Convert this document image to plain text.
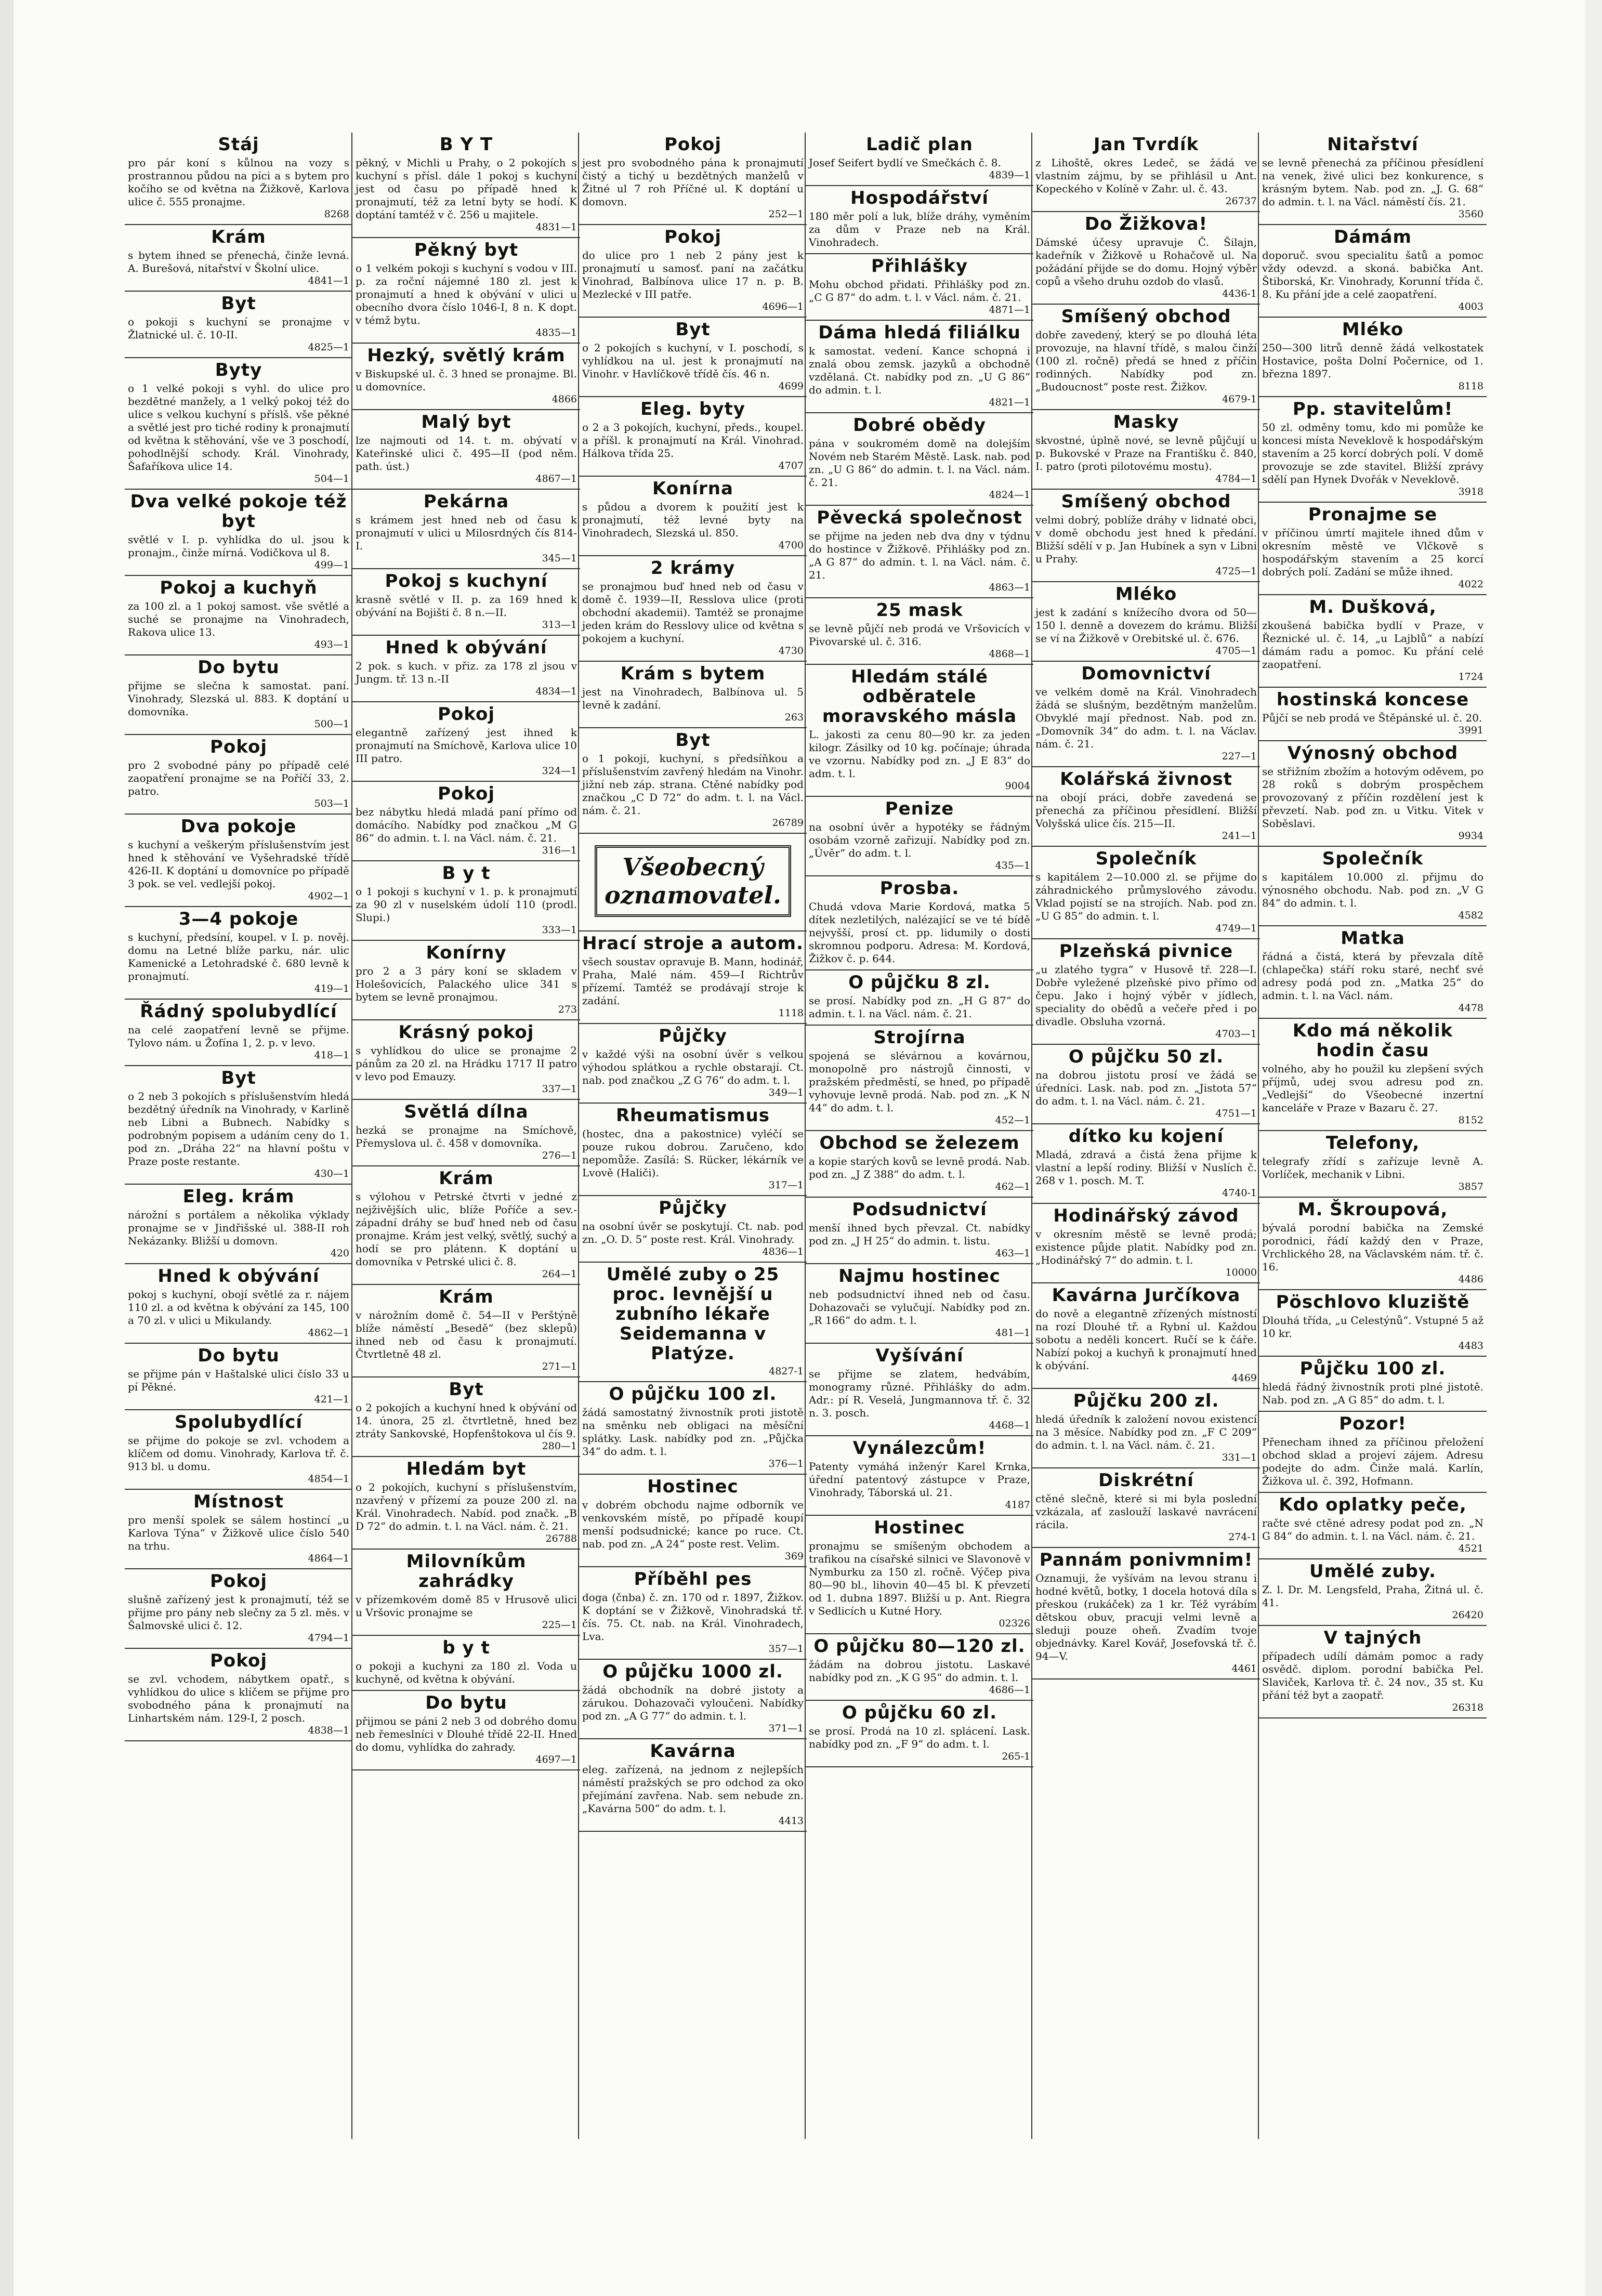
Stáj

pro pár koní s kůlnou na vozy s prostrannou půdou na píci a s bytem pro kočího se od května na Žižkově, Karlova ulice č. 555 pronajme.

8268
Krám

s bytem ihned se přenechá, činže levná. A. Burešová, nitařství v Školní ulice.

4841—1
Byt

o pokoji s kuchyní se pronajme v Žlatnické ul. č. 10-II.

4825—1
Byty

o 1 velké pokoji s vyhl. do ulice pro bezdětné manžely, a 1 velký pokoj též do ulice s velkou kuchyní s příslš. vše pěkné a světlé jest pro tiché rodiny k pronajmutí od května k stěhování, vše ve 3 poschodí, pohodlnější schody. Král. Vinohrady, Šafaříkova ulice 14.

504—1
Dva velké pokoje též byt

světlé v I. p. vyhlídka do ul. jsou k pronajm., činže mírná. Vodičkova ul 8.

499—1
Pokoj a kuchyň

za 100 zl. a 1 pokoj samost. vše světlé a suché se pronajme na Vinohradech, Rakova ulice 13.

493—1
Do bytu

přijme se slečna k samostat. paní. Vinohrady, Slezská ul. 883. K doptání u domovníka.

500—1
Pokoj

pro 2 svobodné pány po případě celé zaopatření pronajme se na Poříčí 33, 2. patro.

503—1
Dva pokoje

s kuchyní a veškerým příslušenstvím jest hned k stěhování ve Vyšehradské třídě 426-II. K doptání u domovníce po případě 3 pok. se vel. vedlejší pokoj.

4902—1
3—4 pokoje

s kuchyní, předsíní, koupel. v I. p. nověj. domu na Letné blíže parku, nár. ulic Kamenické a Letohradské č. 680 levně k pronajmutí.

419—1
Řádný spolubydlící

na celé zaopatření levně se přijme. Tylovo nám. u Žofína 1, 2. p. v levo.

418—1
Byt

o 2 neb 3 pokojích s příslušenstvím hledá bezdětný úředník na Vinohrady, v Karlině neb Libni a Bubnech. Nabídky s podrobným popisem a udáním ceny do 1. pod zn. „Dráha 22“ na hlavní poštu v Praze poste restante.

430—1
Eleg. krám

nárožní s portálem a několika výklady pronajme se v Jindřišské ul. 388-II roh Nekázanky. Bližší u domovn.

420
Hned k obývání

pokoj s kuchyní, obojí světlé za r. nájem 110 zl. a od května k obývání za 145, 100 a 70 zl. v ulici u Mikulandy.

4862—1
Do bytu

se přijme pán v Haštalské ulici číslo 33 u pí Pěkné.

421—1
Spolubydlící

se přijme do pokoje se zvl. vchodem a klíčem od domu. Vinohrady, Karlova tř. č. 913 bl. u domu.

4854—1
Místnost

pro menší spolek se sálem hostincí „u Karlova Týna“ v Žižkově ulice číslo 540 na trhu.

4864—1
Pokoj

slušně zařízený jest k pronajmutí, též se přijme pro pány neb slečny za 5 zl. měs. v Šalmovské ulici č. 12.

4794—1
Pokoj

se zvl. vchodem, nábytkem opatř., s vyhlídkou do ulice s klíčem se přijme pro svobodného pána k pronajmutí na Linhartském nám. 129-I, 2 posch.

4838—1
B Y T

pěkný, v Michli u Prahy, o 2 pokojích s kuchyní s přísl. dále 1 pokoj s kuchyní jest od času po případě hned k pronajmutí, též za letní byty se hodí. K doptání tamtéž v č. 256 u majitele.

4831—1
Pěkný byt

o 1 velkém pokoji s kuchyní s vodou v III. p. za roční nájemné 180 zl. jest k pronajmutí a hned k obývání v ulici u obecního dvora číslo 1046-I, 8 n. K dopt. v témž bytu.

4835—1
Hezký, světlý krám

v Biskupské ul. č. 3 hned se pronajme. Bl. u domovníce.

4866
Malý byt

lze najmouti od 14. t. m. obývatí v Kateřinské ulici č. 495—II (pod něm. path. úst.)

4867—1
Pekárna

s krámem jest hned neb od času k pronajmutí v ulici u Milosrdných čís 814-I.

345—1
Pokoj s kuchyní

krasně světlé v II. p. za 169 hned k obývání na Bojišti č. 8 n.—II.

313—1
Hned k obývání

2 pok. s kuch. v přiz. za 178 zl jsou v Jungm. tř. 13 n.-II

4834—1
Pokoj

elegantně zařízený jest ihned k pronajmutí na Smíchově, Karlova ulice 10 III patro.

324—1
Pokoj

bez nábytku hledá mladá paní přímo od domácího. Nabídky pod značkou „M G 86“ do admin. t. l. na Václ. nám. č. 21.

316—1
B y t

o 1 pokoji s kuchyní v 1. p. k pronajmutí za 90 zl v nuselském údolí 110 (prodl. Slupi.)

333—1
Konírny

pro 2 a 3 páry koní se skladem v Holešovicích, Palackého ulice 341 s bytem se levně pronajmou.

273
Krásný pokoj

s vyhlídkou do ulice se pronajme 2 pánům za 20 zl. na Hrádku 1717 II patro v levo pod Emauzy.

337—1
Světlá dílna

hezká se pronajme na Smíchově, Přemyslova ul. č. 458 v domovníka.

276—1
Krám

s výlohou v Petrské čtvrti v jedné z nejživějších ulic, blíže Poříče a sev.-západní dráhy se buď hned neb od času pronajme. Krám jest velký, světlý, suchý a hodí se pro plátenn. K doptání u domovníka v Petrské ulici č. 8.

264—1
Krám

v nárožním domě č. 54—II v Perštýně blíže náměstí „Besedě“ (bez sklepů) ihned neb od času k pronajmutí. Čtvrtletně 48 zl.

271—1
Byt

o 2 pokojích a kuchyní hned k obývání od 14. února, 25 zl. čtvrtletně, hned bez ztráty Sankovské, Hopfenštokova ul čís 9.

280—1
Hledám byt

o 2 pokojích, kuchyní s příslušenstvím, nzavřený v přízemí za pouze 200 zl. na Král. Vinohradech. Nabíd. pod značk. „B D 72“ do admin. t. l. na Václ. nám. č. 21.

26788
Milovníkům zahrádky

v přízemkovém domě 85 v Hrusově ulici u Vršovic pronajme se

225—1
b y t

o pokoji a kuchyni za 180 zl. Voda u kuchyně, od května k obývání.

Do bytu

přijmou se páni 2 neb 3 od dobrého domu neb řemeslníci v Dlouhé třídě 22-II. Hned do domu, vyhlídka do zahrady.

4697—1
Pokoj

jest pro svobodného pána k pronajmutí čistý a tichý u bezdětných manželů v Žitné ul 7 roh Příčné ul. K doptání u domovn.

252—1
Pokoj

do ulice pro 1 neb 2 pány jest k pronajmutí u samosť. paní na začátku Vinohrad, Balbínova ulice 17 n. p. B. Mezlecké v III patře.

4696—1
Byt

o 2 pokojích s kuchyní, v I. poschodí, s vyhlídkou na ul. jest k pronajmutí na Vinohr. v Havlíčkově třídě čís. 46 n.

4699
Eleg. byty

o 2 a 3 pokojích, kuchyní, předs., koupel. a příšl. k pronajmutí na Král. Vinohrad. Hálkova třída 25.

4707
Konírna

s půdou a dvorem k použití jest k pronajmutí, též levné byty na Vinohradech, Slezská ul. 850.

4700
2 krámy

se pronajmou buď hned neb od času v domě č. 1939—II, Resslova ulice (proti obchodní akademii). Tamtéž se pronajme jeden krám do Resslovy ulice od května s pokojem a kuchyní.

4730
Krám s bytem

jest na Vinohradech, Balbínova ul. 5 levně k zadání.

263
Byt

o 1 pokoji, kuchyní, s předsíňkou a příslušenstvím zavřený hledám na Vinohr. jižní neb záp. strana. Ctěné nabídky pod značkou „C D 72“ do adm. t. l. na Václ. nám. č. 21.

26789
Všeobecný oznamovatel.
Hrací stroje a autom.

všech soustav opravuje B. Mann, hodinář, Praha, Malé nám. 459—I Richtrův přízemí. Tamtéž se prodávají stroje k zadání.

1118
Půjčky

v každé výši na osobní úvěr s velkou výhodou splátkou a rychle obstarají. Ct. nab. pod značkou „Z G 76“ do adm. t. l.

349—1
Rheumatismus

(hostec, dna a pakostnice) vyléčí se pouze rukou dobrou. Zaručeno, kdo nepomůže. Zasílá: S. Rücker, lékárník ve Lvově (Haliči).

317—1
Půjčky

na osobní úvěr se poskytují. Ct. nab. pod zn. „O. D. 5“ poste rest. Král. Vinohrady.

4836—1
Umělé zuby o 25 proc. levnější u zubního lékaře Seidemanna v Platýze.

4827-1
O půjčku 100 zl.

žádá samostatný živnostník proti jistotě na směnku neb obligaci na měsíční splátky. Lask. nabídky pod zn. „Půjčka 34“ do adm. t. l.

376—1
Hostinec

v dobrém obchodu najme odborník ve venkovském místě, po případě koupí menší podsudnické; kance po ruce. Ct. nab. pod zn. „A 24“ poste rest. Velim.

369
Příběhl pes

doga (čnba) č. zn. 170 od r. 1897, Žižkov. K doptání se v Žižkově, Vinohradská tř. čís. 75. Ct. nab. na Král. Vinohradech, Lva.

357—1
O půjčku 1000 zl.

žádá obchodník na dobré jistoty a zárukou. Dohazovači vyloučeni. Nabídky pod zn. „A G 77“ do admin. t. l.

371—1
Kavárna

eleg. zařízená, na jednom z nejlepších náměstí pražských se pro odchod za oko přejímání zavřena. Nab. sem nebude zn. „Kavárna 500“ do adm. t. l.

4413
Ladič plan

Josef Seifert bydlí ve Smečkách č. 8.

4839—1
Hospodářství

180 měr polí a luk, blíže dráhy, vyměním za dům v Praze neb na Král. Vinohradech.

Přihlášky

Mohu obchod přidati. Přihlášky pod zn. „C G 87“ do adm. t. l. v Václ. nám. č. 21.

4871—1
Dáma hledá filiálku

k samostat. vedení. Kance schopná i znalá obou zemsk. jazyků a obchodně vzdělaná. Ct. nabídky pod zn. „U G 86“ do admin. t. l.

4821—1
Dobré obědy

pána v soukromém domě na dolejším Novém neb Starém Městě. Lask. nab. pod zn. „U G 86“ do admin. t. l. na Václ. nám. č. 21.

4824—1
Pěvecká společnost

se přijme na jeden neb dva dny v týdnu do hostince v Žižkově. Přihlášky pod zn. „A G 87“ do admin. t. l. na Václ. nám. č. 21.

4863—1
25 mask

se levně půjčí neb prodá ve Vršovicích v Pivovarské ul. č. 316.

4868—1
Hledám stálé odběratele moravského másla

L. jakosti za cenu 80—90 kr. za jeden kilogr. Zásilky od 10 kg. počínaje; úhrada ve vzornu. Nabídky pod zn. „J E 83“ do adm. t. l.

9004
Penize

na osobní úvěr a hypotéky se řádným osobám vzorně zařizují. Nabídky pod zn. „Úvěr“ do adm. t. l.

435—1
Prosba.

Chudá vdova Marie Kordová, matka 5 dítek nezletilých, nalézající se ve té bídě nejvyšší, prosí ct. pp. lidumily o dosti skromnou podporu. Adresa: M. Kordová, Žižkov č. p. 644.

O půjčku 8 zl.

se prosí. Nabídky pod zn. „H G 87“ do admin. t. l. na Václ. nám. č. 21.

Strojírna

spojená se slévárnou a kovárnou, monopolně pro nástrojů činnosti, v pražském předměstí, se hned, po případě vyhovuje levně prodá. Nab. pod zn. „K N 44“ do adm. t. l.

452—1
Obchod se železem

a kopie starých kovů se levně prodá. Nab. pod zn. „J Z 388“ do adm. t. l.

462—1
Podsudnictví

menší ihned bych převzal. Ct. nabídky pod zn. „J H 25“ do admin. t. listu.

463—1
Najmu hostinec

neb podsudnictví ihned neb od času. Dohazovači se vylučují. Nabídky pod zn. „R 166“ do adm. t. l.

481—1
Vyšívání

se přijme se zlatem, hedvábím, monogramy různé. Přihlášky do adm. Adr.: pí R. Veselá, Jungmannova tř. č. 32 n. 3. posch.

4468—1
Vynálezcům!

Patenty vymáhá inženýr Karel Krnka, úřední patentový zástupce v Praze, Vinohrady, Táborská ul. 21.

4187
Hostinec

pronajmu se smíšeným obchodem a trafikou na císařské silnici ve Slavonově v Nymburku za 150 zl. ročně. Výčep piva 80—90 bl., lihovin 40—45 bl. K převzetí od 1. dubna 1897. Bližší u p. Ant. Riegra v Sedlicích u Kutné Hory.

02326
O půjčku 80—120 zl.

žádám na dobrou jistotu. Laskavé nabídky pod zn. „K G 95“ do admin. t. l.

4686—1
O půjčku 60 zl.

se prosí. Prodá na 10 zl. splácení. Lask. nabídky pod zn. „F 9“ do adm. t. l.

265-1
Jan Tvrdík

z Lihoště, okres Ledeč, se žádá ve vlastním zájmu, by se přihlásil u Ant. Kopeckého v Kolíně v Zahr. ul. č. 43.

26737
Do Žižkova!

Dámské účesy upravuje Č. Šilajn, kadeřník v Žižkově u Rohačově ul. Na požádání přijde se do domu. Hojný výběr copů a všeho druhu ozdob do vlasů.

4436-1
Smíšený obchod

dobře zavedený, který se po dlouhá léta provozuje, na hlavní třídě, s malou činží (100 zl. ročně) předá se hned z příčin rodinných. Nabídky pod zn. „Budoucnost“ poste rest. Žižkov.

4679-1
Masky

skvostné, úplně nové, se levně půjčují u p. Bukovské v Praze na Františku č. 840, I. patro (proti pilotovému mostu).

4784—1
Smíšený obchod

velmi dobrý, poblíže dráhy v lidnaté obci, v domě obchodu jest hned k předání. Bližší sdělí v p. Jan Hubínek a syn v Libni u Prahy.

4725—1
Mléko

jest k zadání s knížecího dvora od 50—150 l. denně a dovezem do krámu. Bližší se ví na Žižkově v Orebitské ul. č. 676.

4705—1
Domovnictví

ve velkém domě na Král. Vinohradech žádá se slušným, bezdětným manželům. Obvyklé mají přednost. Nab. pod zn. „Domovník 34“ do adm. t. l. na Václav. nám. č. 21.

227—1
Kolářská živnost

na obojí práci, dobře zavedená se přenechá za příčinou přesídlení. Bližší Volyšská ulice čís. 215—II.

241—1
Společník

s kapitálem 2—10.000 zl. se přijme do záhradnického průmyslového závodu. Vklad pojistí se na strojích. Nab. pod zn. „U G 85“ do admin. t. l.

4749—1
Plzeňská pivnice

„u zlatého tygra“ v Husově tř. 228—I. Dobře vyležené plzeňské pivo přímo od čepu. Jako i hojný výběr v jídlech, speciality do obědů a večeře před i po divadle. Obsluha vzorná.

4703—1
O půjčku 50 zl.

na dobrou jistotu prosí ve žádá se úředníci. Lask. nab. pod zn. „Jistota 57“ do adm. t. l. na Václ. nám. č. 21.

4751—1
dítko ku kojení

Mladá, zdravá a čistá žena přijme k vlastní a lepší rodiny. Bližší v Nuslích č. 268 v 1. posch. M. T.

4740-1
Hodinářský závod

v okresním městě se levně prodá; existence půjde platit. Nabídky pod zn. „Hodinářský 7“ do admin. t. l.

10000
Kavárna Jurčíkova

do nově a elegantně zřízených místností na rozí Dlouhé tř. a Rybní ul. Každou sobotu a neděli koncert. Ručí se k čáře. Nabízí pokoj a kuchyň k pronajmutí hned k obývání.

4469
Půjčku 200 zl.

hledá úředník k založení novou existencí na 3 měsíce. Nabídky pod zn. „F C 209“ do admin. t. l. na Václ. nám. č. 21.

331—1
Diskrétní

ctěné slečně, které si mi byla poslední vzkázala, ať zaslouží laskavé navrácení rácila.

274-1
Pannám ponivmnim!

Oznamuji, že vyšívám na levou stranu i hodné květů, botky, 1 docela hotová díla s přeskou (rukáček) za 1 kr. Též vyrábím dětskou obuv, pracuji velmi levně a sleduji pouze oheň. Zvadím tvoje objednávky. Karel Kovář, Josefovská tř. č. 94—V.

4461
Nitařství

se levně přenechá za příčinou přesídlení na venek, živé ulici bez konkurence, s krásným bytem. Nab. pod zn. „J. G. 68“ do admin. t. l. na Václ. náměstí čís. 21.

3560
Dámám

doporuč. svou specialitu šatů a pomoc vždy odevzd. a skoná. babička Ant. Štiborská, Kr. Vinohrady, Korunní třída č. 8. Ku přání jde a celé zaopatření.

4003
Mléko

250—300 litrů denně žádá velkostatek Hostavice, pošta Dolní Počernice, od 1. března 1897.

8118
Pp. stavitelům!

50 zl. odměny tomu, kdo mi pomůže ke koncesi místa Neveklově k hospodářským stavením a 25 korcí dobrých polí. V domě provozuje se zde stavitel. Bližší zprávy sdělí pan Hynek Dvořák v Neveklově.

3918
Pronajme se

v příčinou úmrtí majitele ihned dům v okresním městě ve Vlčkově s hospodářským stavením a 25 korcí dobrých polí. Zadání se může ihned.

4022
M. Dušková,

zkoušená babička bydlí v Praze, v Řeznické ul. č. 14, „u Lajblů“ a nabízí dámám radu a pomoc. Ku přání celé zaopatření.

1724
hostinská koncese

Půjčí se neb prodá ve Štěpánské ul. č. 20.

3991
Výnosný obchod

se střižním zbožím a hotovým oděvem, po 28 roků s dobrým prospěchem provozovaný z příčin rozdělení jest k převzetí. Nab. pod zn. u Vitku. Vitek v Soběslavi.

9934
Společník

s kapitálem 10.000 zl. přijmu do výnosného obchodu. Nab. pod zn. „V G 84“ do admin. t. l.

4582
Matka

řádná a čistá, která by převzala dítě (chlapečka) stáří roku staré, nechť své adresy podá pod zn. „Matka 25“ do admin. t. l. na Václ. nám.

4478
Kdo má několik hodin času

volného, aby ho použil ku zlepšení svých příjmů, udej svou adresu pod zn. „Vedlejší“ do Všeobecné inzertní kanceláře v Praze v Bazaru č. 27.

8152
Telefony,

telegrafy zřídí s zařízuje levně A. Vorlíček, mechanik v Libni.

3857
M. Škroupová,

bývalá porodní babička na Zemské porodnici, řádí každý den v Praze, Vrchlického 28, na Václavském nám. tř. č. 16.

4486
Pöschlovo kluziště

Dlouhá třída, „u Celestýnů“. Vstupné 5 až 10 kr.

4483
Půjčku 100 zl.

hledá řádný živnostník proti plné jistotě. Nab. pod zn. „A G 85“ do adm. t. l.

Pozor!

Přenecham ihned za příčinou přeložení obchod sklad a projeví zájem. Adresu podejte do adm. Činže malá. Karlín, Žižkova ul. č. 392, Hofmann.

Kdo oplatky peče,

račte své ctěné adresy podat pod zn. „N G 84“ do admin. t. l. na Václ. nám. č. 21.

4521
Umělé zuby.

Z. l. Dr. M. Lengsfeld, Praha, Žitná ul. č. 41.

26420
V tajných

případech udílí dámám pomoc a rady osvědč. diplom. porodní babička Pel. Slaviček, Karlova tř. č. 24 nov., 35 st. Ku přání též byt a zaopatř.

26318
